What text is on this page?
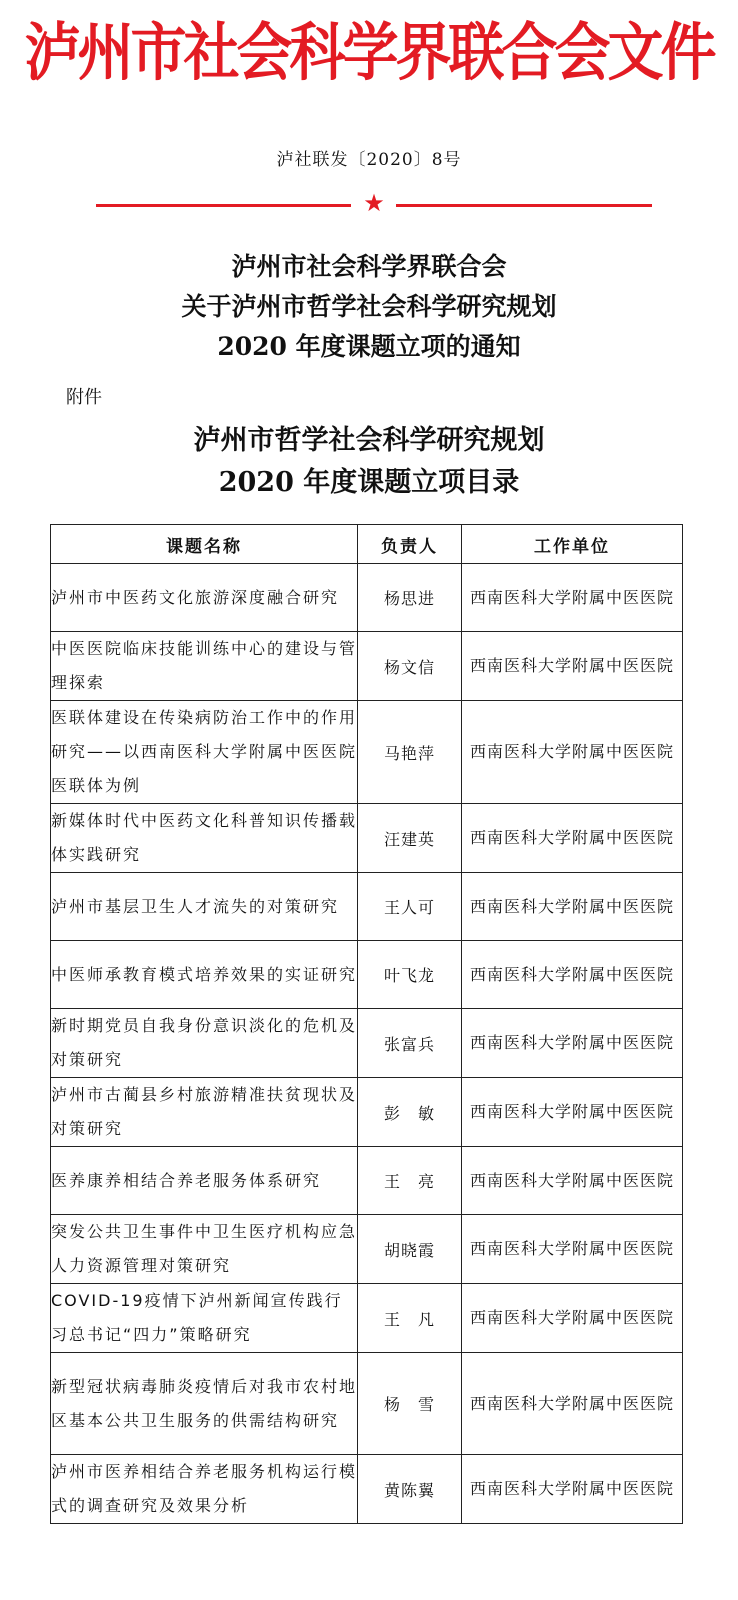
泸州市社会科学界联合会文件
泸社联发〔2020〕8号
★
泸州市社会科学界联合会
关于泸州市哲学社会科学研究规划
2020 年度课题立项的通知
附件
泸州市哲学社会科学研究规划
2020 年度课题立项目录
课题名称	负责人	工作单位
泸州市中医药文化旅游深度融合研究	杨思进	西南医科大学附属中医医院
中医医院临床技能训练中心的建设与管理探索	杨文信	西南医科大学附属中医医院
医联体建设在传染病防治工作中的作用研究——以西南医科大学附属中医医院医联体为例	马艳萍	西南医科大学附属中医医院
新媒体时代中医药文化科普知识传播载体实践研究	汪建英	西南医科大学附属中医医院
泸州市基层卫生人才流失的对策研究	王人可	西南医科大学附属中医医院
中医师承教育模式培养效果的实证研究	叶飞龙	西南医科大学附属中医医院
新时期党员自我身份意识淡化的危机及对策研究	张富兵	西南医科大学附属中医医院
泸州市古蔺县乡村旅游精准扶贫现状及对策研究	彭　敏	西南医科大学附属中医医院
医养康养相结合养老服务体系研究	王　亮	西南医科大学附属中医医院
突发公共卫生事件中卫生医疗机构应急人力资源管理对策研究	胡晓霞	西南医科大学附属中医医院
COVID-19疫情下泸州新闻宣传践行习总书记“四力”策略研究	王　凡	西南医科大学附属中医医院
新型冠状病毒肺炎疫情后对我市农村地区基本公共卫生服务的供需结构研究	杨　雪	西南医科大学附属中医医院
泸州市医养相结合养老服务机构运行模式的调查研究及效果分析	黄陈翼	西南医科大学附属中医医院
